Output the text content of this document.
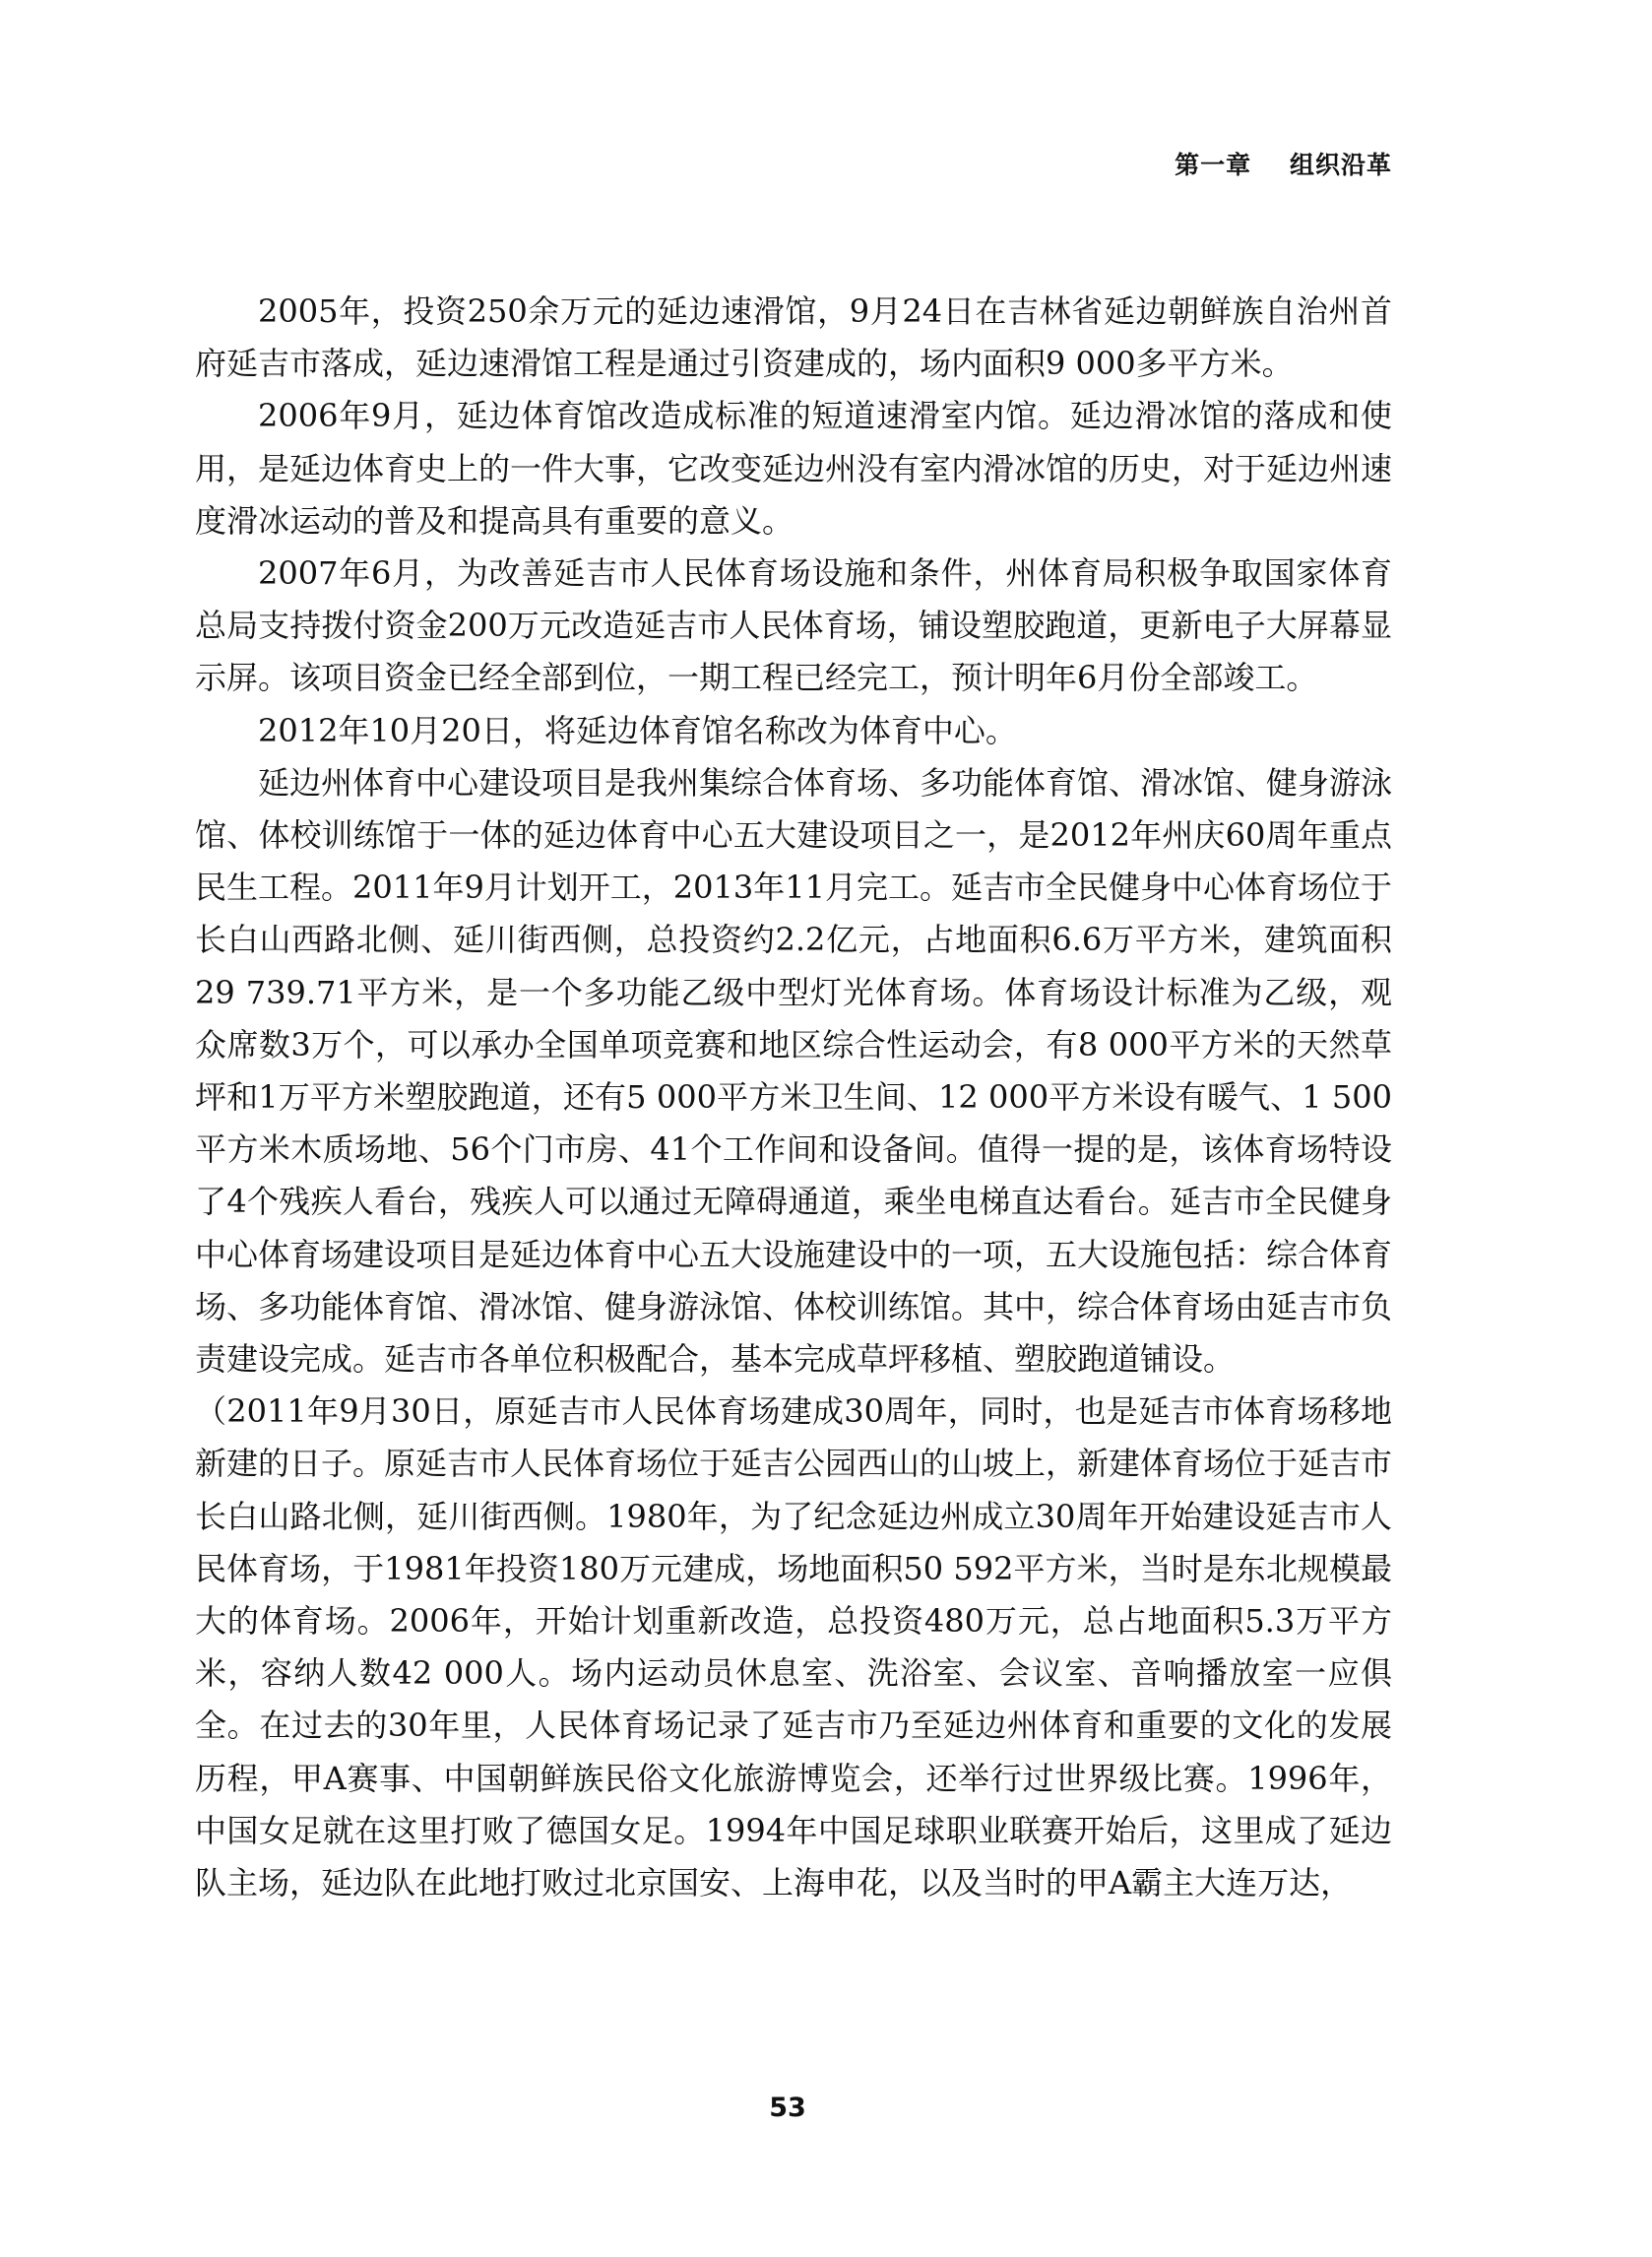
第一章    组织沿革

2005年，投资250余万元的延边速滑馆，9月24日在吉林省延边朝鲜族自治州首府延吉市落成，延边速滑馆工程是通过引资建成的，场内面积9 000多平方米。

2006年9月，延边体育馆改造成标准的短道速滑室内馆。延边滑冰馆的落成和使用，是延边体育史上的一件大事，它改变延边州没有室内滑冰馆的历史，对于延边州速度滑冰运动的普及和提高具有重要的意义。

2007年6月，为改善延吉市人民体育场设施和条件，州体育局积极争取国家体育总局支持拨付资金200万元改造延吉市人民体育场，铺设塑胶跑道，更新电子大屏幕显示屏。该项目资金已经全部到位，一期工程已经完工，预计明年6月份全部竣工。

2012年10月20日，将延边体育馆名称改为体育中心。

延边州体育中心建设项目是我州集综合体育场、多功能体育馆、滑冰馆、健身游泳馆、体校训练馆于一体的延边体育中心五大建设项目之一，是2012年州庆60周年重点民生工程。2011年9月计划开工，2013年11月完工。延吉市全民健身中心体育场位于长白山西路北侧、延川街西侧，总投资约2.2亿元，占地面积6.6万平方米，建筑面积29 739.71平方米，是一个多功能乙级中型灯光体育场。体育场设计标准为乙级，观众席数3万个，可以承办全国单项竞赛和地区综合性运动会，有8 000平方米的天然草坪和1万平方米塑胶跑道，还有5 000平方米卫生间、12 000平方米设有暖气、1 500平方米木质场地、56个门市房、41个工作间和设备间。值得一提的是，该体育场特设了4个残疾人看台，残疾人可以通过无障碍通道，乘坐电梯直达看台。延吉市全民健身中心体育场建设项目是延边体育中心五大设施建设中的一项，五大设施包括：综合体育场、多功能体育馆、滑冰馆、健身游泳馆、体校训练馆。其中，综合体育场由延吉市负责建设完成。延吉市各单位积极配合，基本完成草坪移植、塑胶跑道铺设。

（2011年9月30日，原延吉市人民体育场建成30周年，同时，也是延吉市体育场移地新建的日子。原延吉市人民体育场位于延吉公园西山的山坡上，新建体育场位于延吉市长白山路北侧，延川街西侧。1980年，为了纪念延边州成立30周年开始建设延吉市人民体育场，于1981年投资180万元建成，场地面积50 592平方米，当时是东北规模最大的体育场。2006年，开始计划重新改造，总投资480万元，总占地面积5.3万平方米，容纳人数42 000人。场内运动员休息室、洗浴室、会议室、音响播放室一应俱全。在过去的30年里，人民体育场记录了延吉市乃至延边州体育和重要的文化的发展历程，甲A赛事、中国朝鲜族民俗文化旅游博览会，还举行过世界级比赛。1996年，中国女足就在这里打败了德国女足。1994年中国足球职业联赛开始后，这里成了延边队主场，延边队在此地打败过北京国安、上海申花，以及当时的甲A霸主大连万达，

53
